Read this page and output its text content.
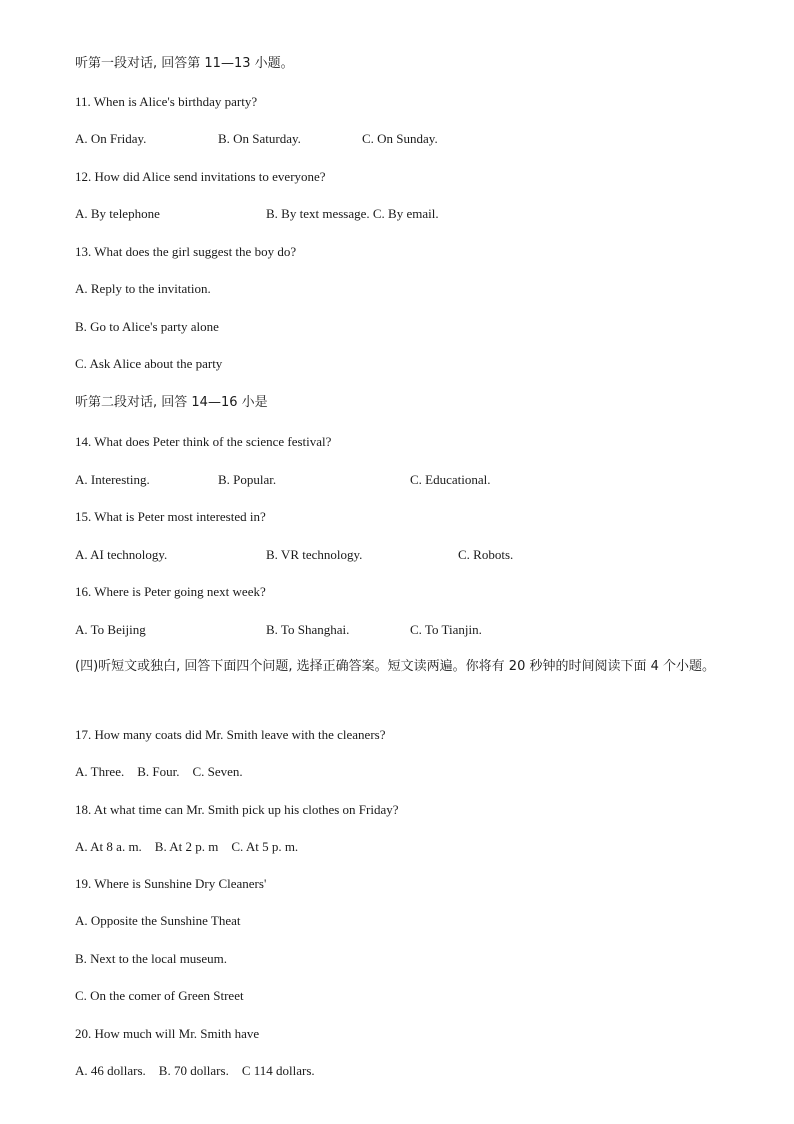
听第一段对话, 回答第 11—13 小题。
11. When is Alice's birthday party?
A. On Friday.	B. On Saturday.	C. On Sunday.
12. How did Alice send invitations to everyone?
A. By telephone	B. By text message. C. By email.
13. What does the girl suggest the boy do?
A. Reply to the invitation.
B. Go to Alice's party alone
C. Ask Alice about the party
听第二段对话, 回答 14—16 小是
14. What does Peter think of the science festival?
A. Interesting.	B. Popular.	C. Educational.
15. What is Peter most interested in?
A. AI technology.	B. VR technology.	C. Robots.
16. Where is Peter going next week?
A. To Beijing	B. To Shanghai.	C. To Tianjin.
(四)听短文或独白, 回答下面四个问题, 选择正确答案。短文读两遍。你将有 20 秒钟的时间阅读下面 4 个小题。
17. How many coats did Mr. Smith leave with the cleaners?
A. Three.    B. Four.    C. Seven.
18. At what time can Mr. Smith pick up his clothes on Friday?
A. At 8 a. m.    B. At 2 p. m    C. At 5 p. m.
19. Where is Sunshine Dry Cleaners'
A. Opposite the Sunshine Theat
B. Next to the local museum.
C. On the comer of Green Street
20. How much will Mr. Smith have
A. 46 dollars.    B. 70 dollars.    C 114 dollars.
